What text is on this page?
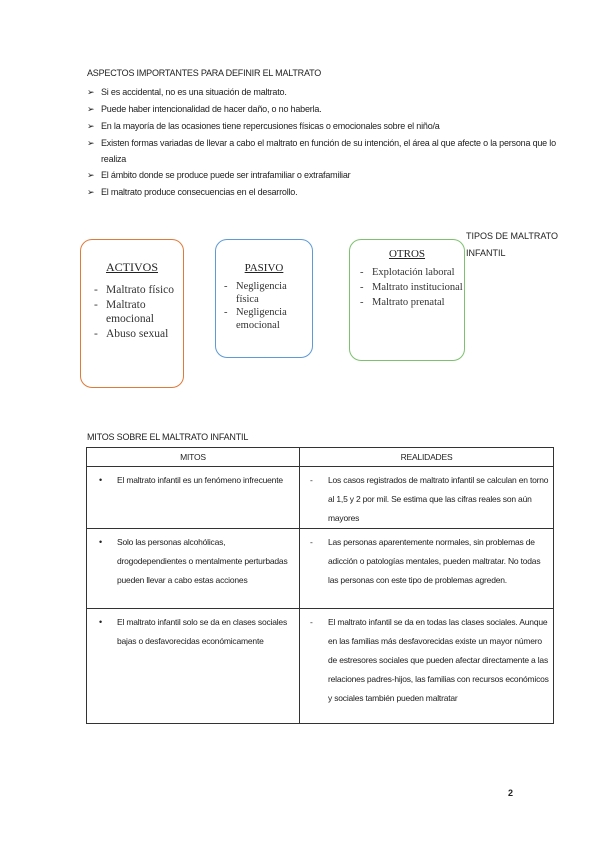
ASPECTOS IMPORTANTES PARA DEFINIR EL MALTRATO
➢ Si es accidental, no es una situación de maltrato.
➢ Puede haber intencionalidad de hacer daño, o no haberla.
➢ En la mayoría de las ocasiones tiene repercusiones físicas o emocionales sobre el niño/a
➢ Existen formas variadas de llevar a cabo el maltrato en función de su intención, el área al que afecte o la persona que lo realiza
➢ El ámbito donde se produce puede ser intrafamiliar o extrafamiliar
➢ El maltrato produce consecuencias en el desarrollo.
TIPOS DE MALTRATO INFANTIL
ACTIVOS
- Maltrato físico
- Maltrato emocional
- Abuso sexual
PASIVO
- Negligencia física
- Negligencia emocional
OTROS
- Explotación laboral
- Maltrato institucional
- Maltrato prenatal
MITOS SOBRE EL MALTRATO INFANTIL
MITOS	REALIDADES

• El maltrato infantil es un fenómeno infrecuente	- Los casos registrados de maltrato infantil se calculan en torno al 1,5 y 2 por mil. Se estima que las cifras reales son aún mayores

• Solo las personas alcohólicas, drogodependientes o mentalmente perturbadas pueden llevar a cabo estas acciones	- Las personas aparentemente normales, sin problemas de adicción o patologías mentales, pueden maltratar. No todas las personas con este tipo de problemas agreden.

• El maltrato infantil solo se da en clases sociales bajas o desfavorecidas económicamente	- El maltrato infantil se da en todas las clases sociales. Aunque en las familias más desfavorecidas existe un mayor número de estresores sociales que pueden afectar directamente a las relaciones padres-hijos, las familias con recursos económicos y sociales también pueden maltratar
2
